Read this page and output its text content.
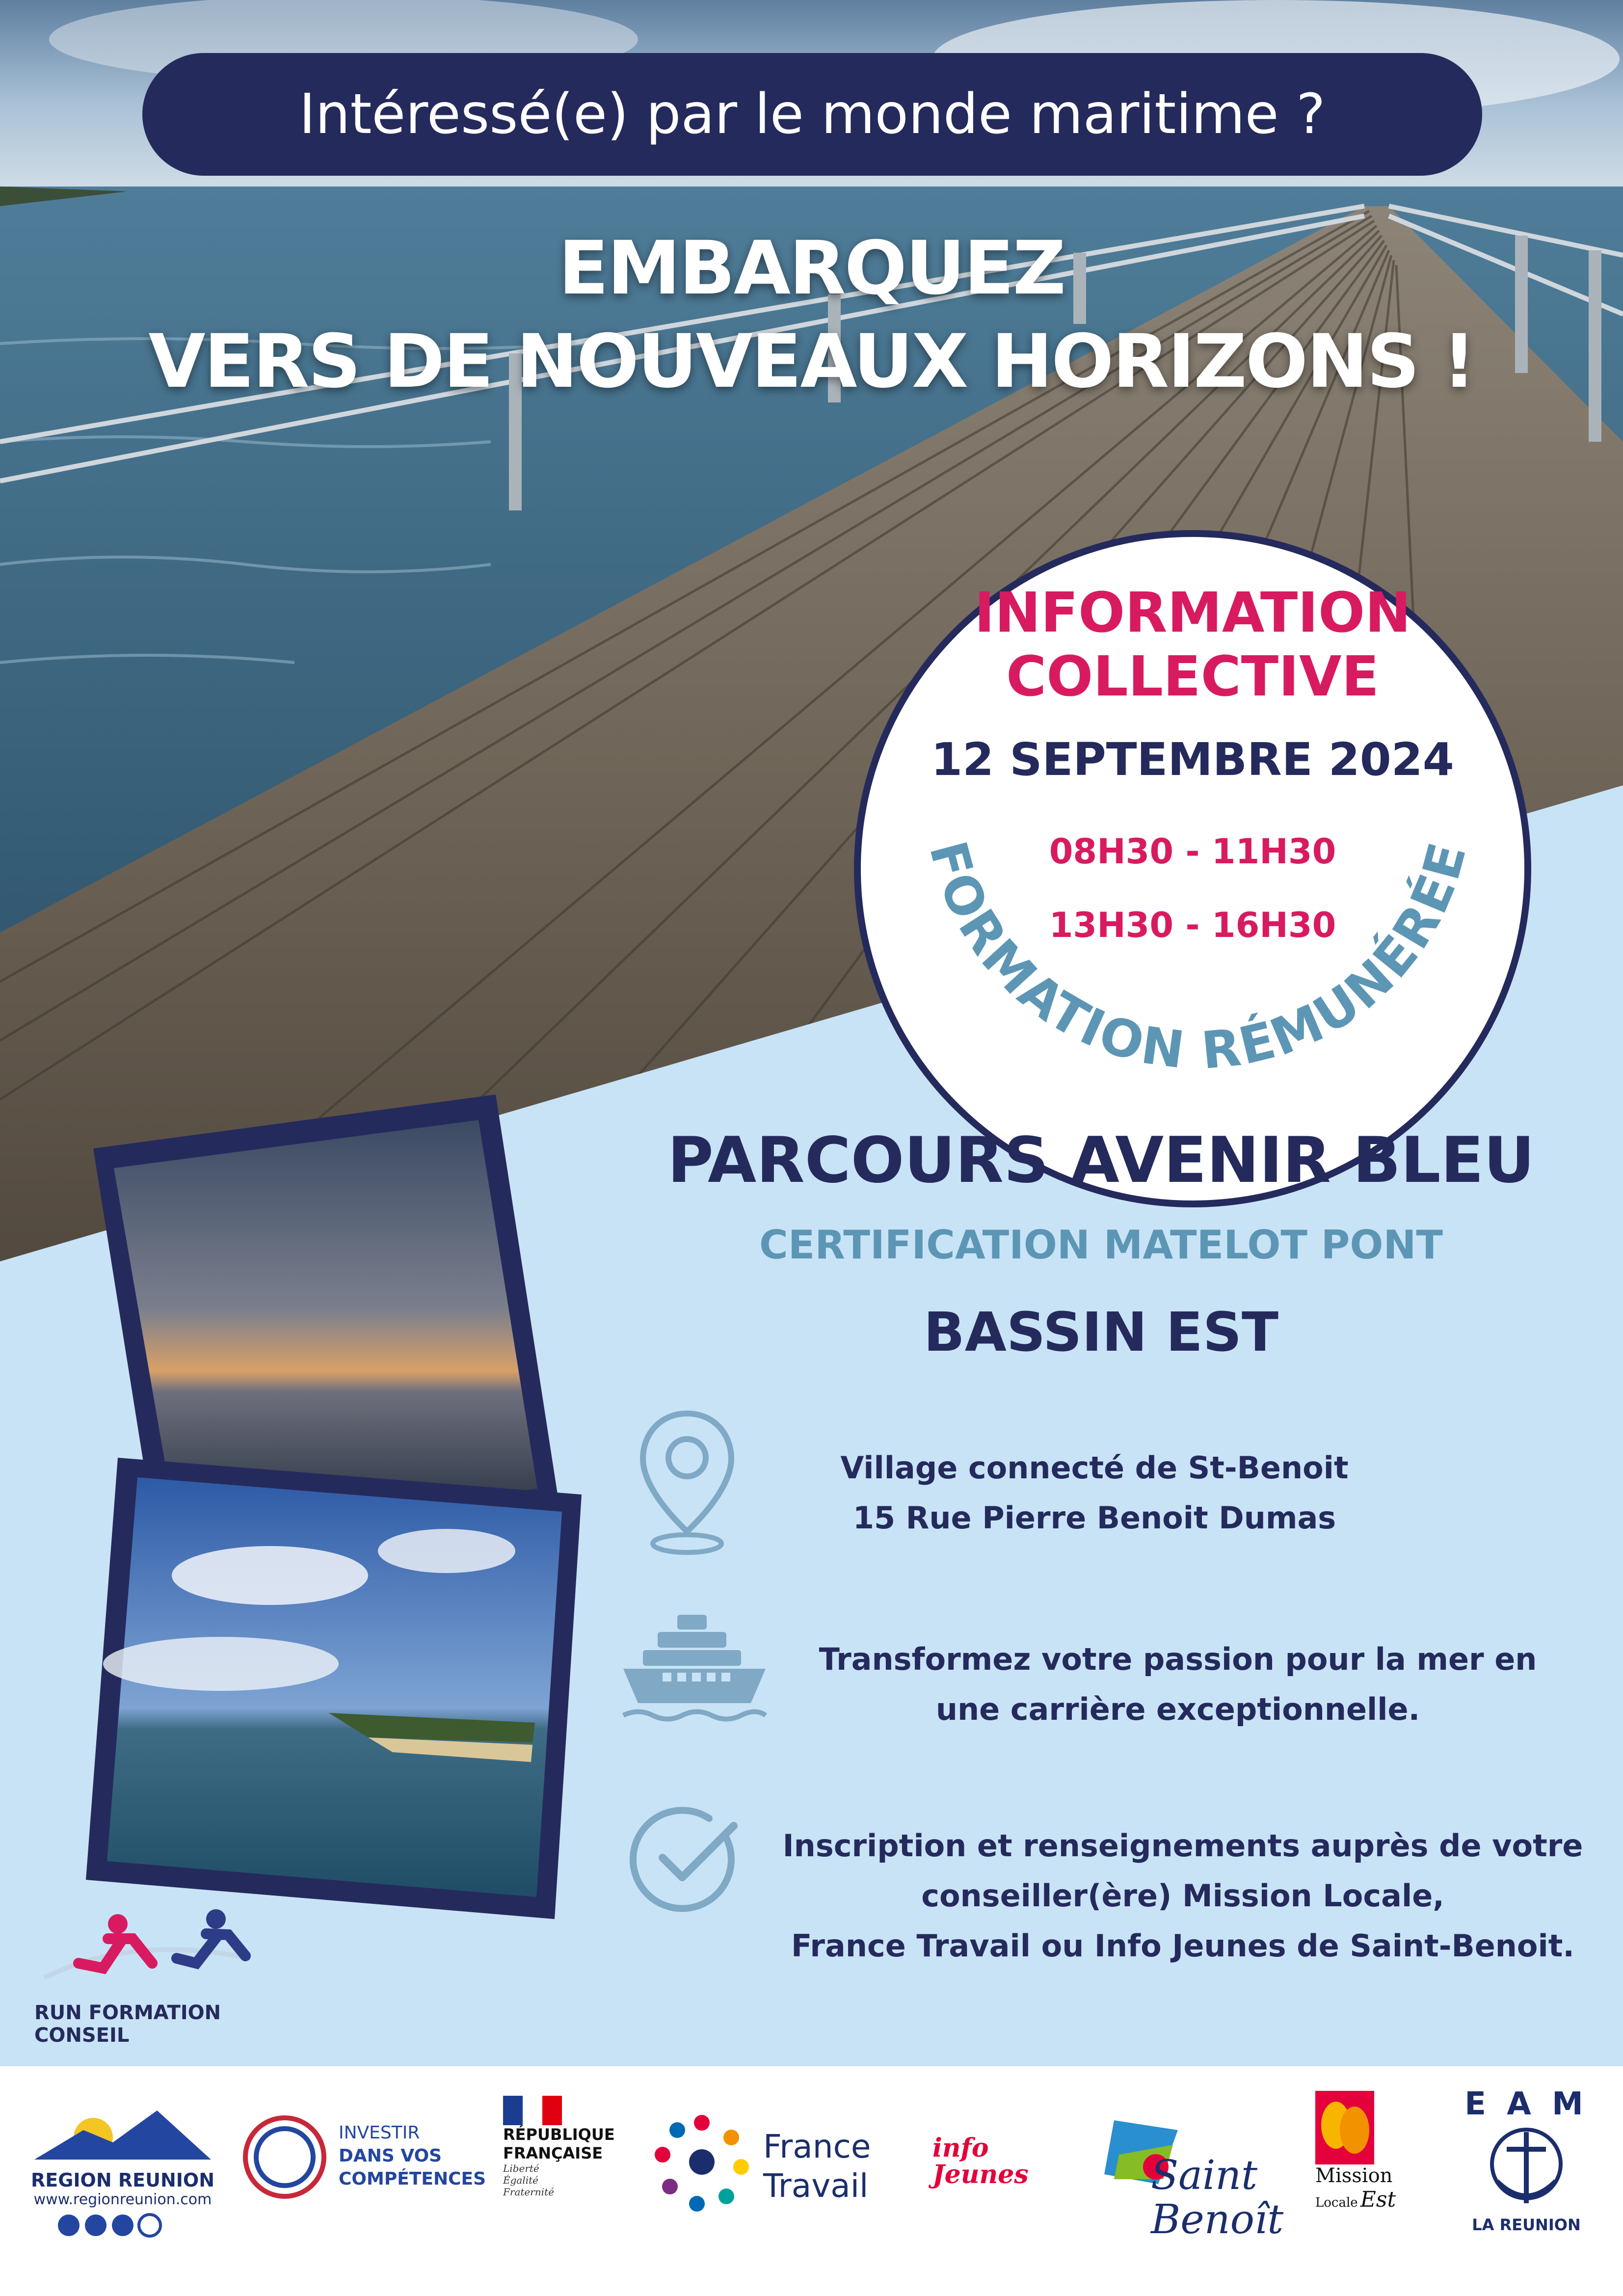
Intéressé(e) par le monde maritime ?
EMBARQUEZ
VERS DE NOUVEAUX HORIZONS !
INFORMATION
COLLECTIVE
12 SEPTEMBRE 2024
08H30 - 11H30
13H30 - 16H30
FORMATION RÉMUNÉRÉE
PARCOURS AVENIR BLEU
CERTIFICATION MATELOT PONT
BASSIN EST
Village connecté de St-Benoit
15 Rue Pierre Benoit Dumas
Transformez votre passion pour la mer en
une carrière exceptionnelle.
Inscription et renseignements auprès de votre
conseiller(ère) Mission Locale,
France Travail ou Info Jeunes de Saint-Benoit.
RUN FORMATION CONSEIL
REGION REUNION
www.regionreunion.com
INVESTIR
DANS VOS
COMPÉTENCES
RÉPUBLIQUE
FRANÇAISE
Liberté
Égalité
Fraternité
France
Travail
info
Jeunes	Saint
Benoît
Mission
Locale Est
E A M
LA REUNION
